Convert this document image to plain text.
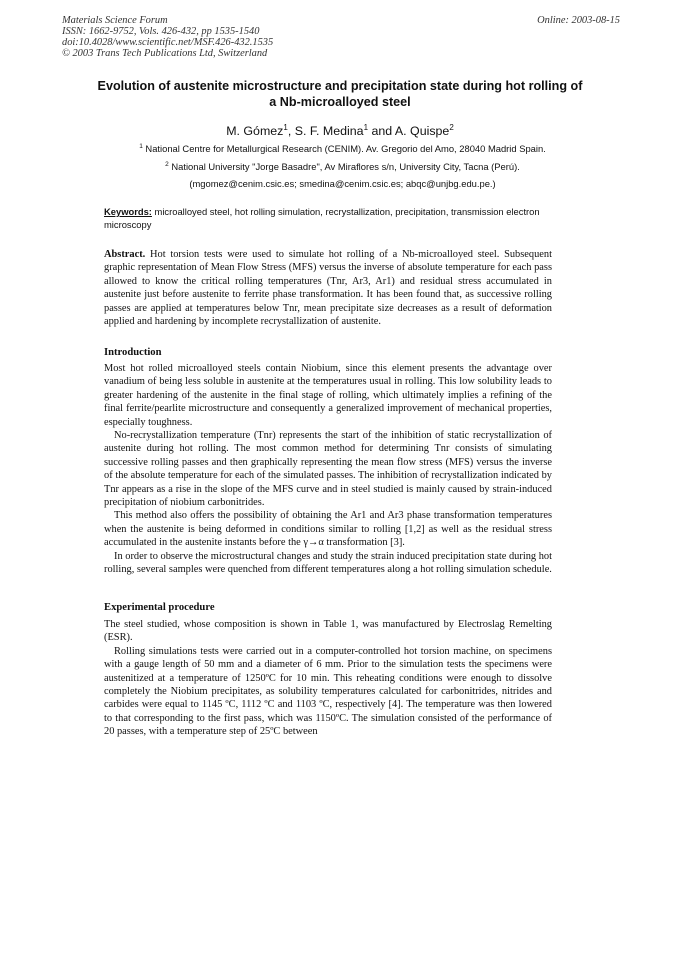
Materials Science Forum
ISSN: 1662-9752, Vols. 426-432, pp 1535-1540
doi:10.4028/www.scientific.net/MSF.426-432.1535
© 2003 Trans Tech Publications Ltd, Switzerland
Online: 2003-08-15
Evolution of austenite microstructure and precipitation state during hot rolling of a Nb-microalloyed steel
M. Gómez$^1$, S. F. Medina$^1$ and A. Quispe$^2$
$^1$ National Centre for Metallurgical Research (CENIM). Av. Gregorio del Amo, 28040 Madrid Spain.
$^2$ National University "Jorge Basadre", Av Miraflores s/n, University City, Tacna (Perú).
(mgomez@cenim.csic.es; smedina@cenim.csic.es; abqc@unjbg.edu.pe.)
Keywords: microalloyed steel, hot rolling simulation, recrystallization, precipitation, transmission electron microscopy
Abstract. Hot torsion tests were used to simulate hot rolling of a Nb-microalloyed steel. Subsequent graphic representation of Mean Flow Stress (MFS) versus the inverse of absolute temperature for each pass allowed to know the critical rolling temperatures (Tnr, Ar3, Ar1) and residual stress accumulated in austenite just before austenite to ferrite phase transformation. It has been found that, as successive rolling passes are applied at temperatures below Tnr, mean precipitate size decreases as a result of deformation applied and hardening by incomplete recrystallization of austenite.
Introduction

Most hot rolled microalloyed steels contain Niobium, since this element presents the advantage over vanadium of being less soluble in austenite at the temperatures usual in rolling. This low solubility leads to greater hardening of the austenite in the final stage of rolling, which ultimately implies a refining of the final ferrite/pearlite microstructure and consequently a generalized improvement of mechanical properties, especially toughness.

No-recrystallization temperature (Tnr) represents the start of the inhibition of static recrystallization of austenite during hot rolling. The most common method for determining Tnr consists of simulating successive rolling passes and then graphically representing the mean flow stress (MFS) versus the inverse of the absolute temperature for each of the simulated passes. The inhibition of recrystallization indicated by Tnr appears as a rise in the slope of the MFS curve and in steel studied is mainly caused by strain-induced precipitation of niobium carbonitrides.

This method also offers the possibility of obtaining the Ar1 and Ar3 phase transformation temperatures when the austenite is being deformed in conditions similar to rolling [1,2] as well as the residual stress accumulated in the austenite instants before the γ→α transformation [3].

In order to observe the microstructural changes and study the strain induced precipitation state during hot rolling, several samples were quenched from different temperatures along a hot rolling simulation schedule.

Experimental procedure

The steel studied, whose composition is shown in Table 1, was manufactured by Electroslag Remelting (ESR).

Rolling simulations tests were carried out in a computer-controlled hot torsion machine, on specimens with a gauge length of 50 mm and a diameter of 6 mm. Prior to the simulation tests the specimens were austenitized at a temperature of 1250ºC for 10 min. This reheating conditions were enough to dissolve completely the Niobium precipitates, as solubility temperatures calculated for carbonitrides, nitrides and carbides were equal to 1145 ºC, 1112 ºC and 1103 ºC, respectively [4]. The temperature was then lowered to that corresponding to the first pass, which was 1150ºC. The simulation consisted of the performance of 20 passes, with a temperature step of 25ºC between
